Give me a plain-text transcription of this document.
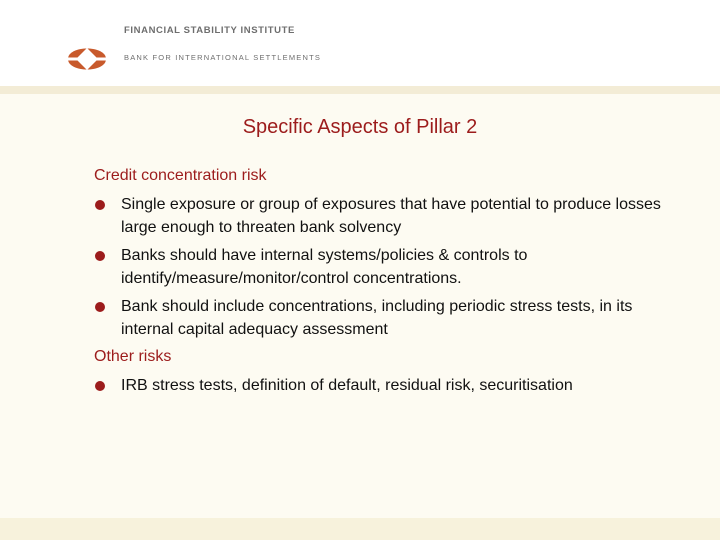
FINANCIAL STABILITY INSTITUTE
BANK FOR INTERNATIONAL SETTLEMENTS
Specific Aspects of Pillar 2
Credit concentration risk
Single exposure or group of exposures that have potential to produce losses large enough to threaten bank solvency
Banks should have internal systems/policies & controls to identify/measure/monitor/control concentrations.
Bank should include concentrations, including periodic stress tests, in its internal capital adequacy assessment
Other risks
IRB stress tests, definition of default, residual risk, securitisation
